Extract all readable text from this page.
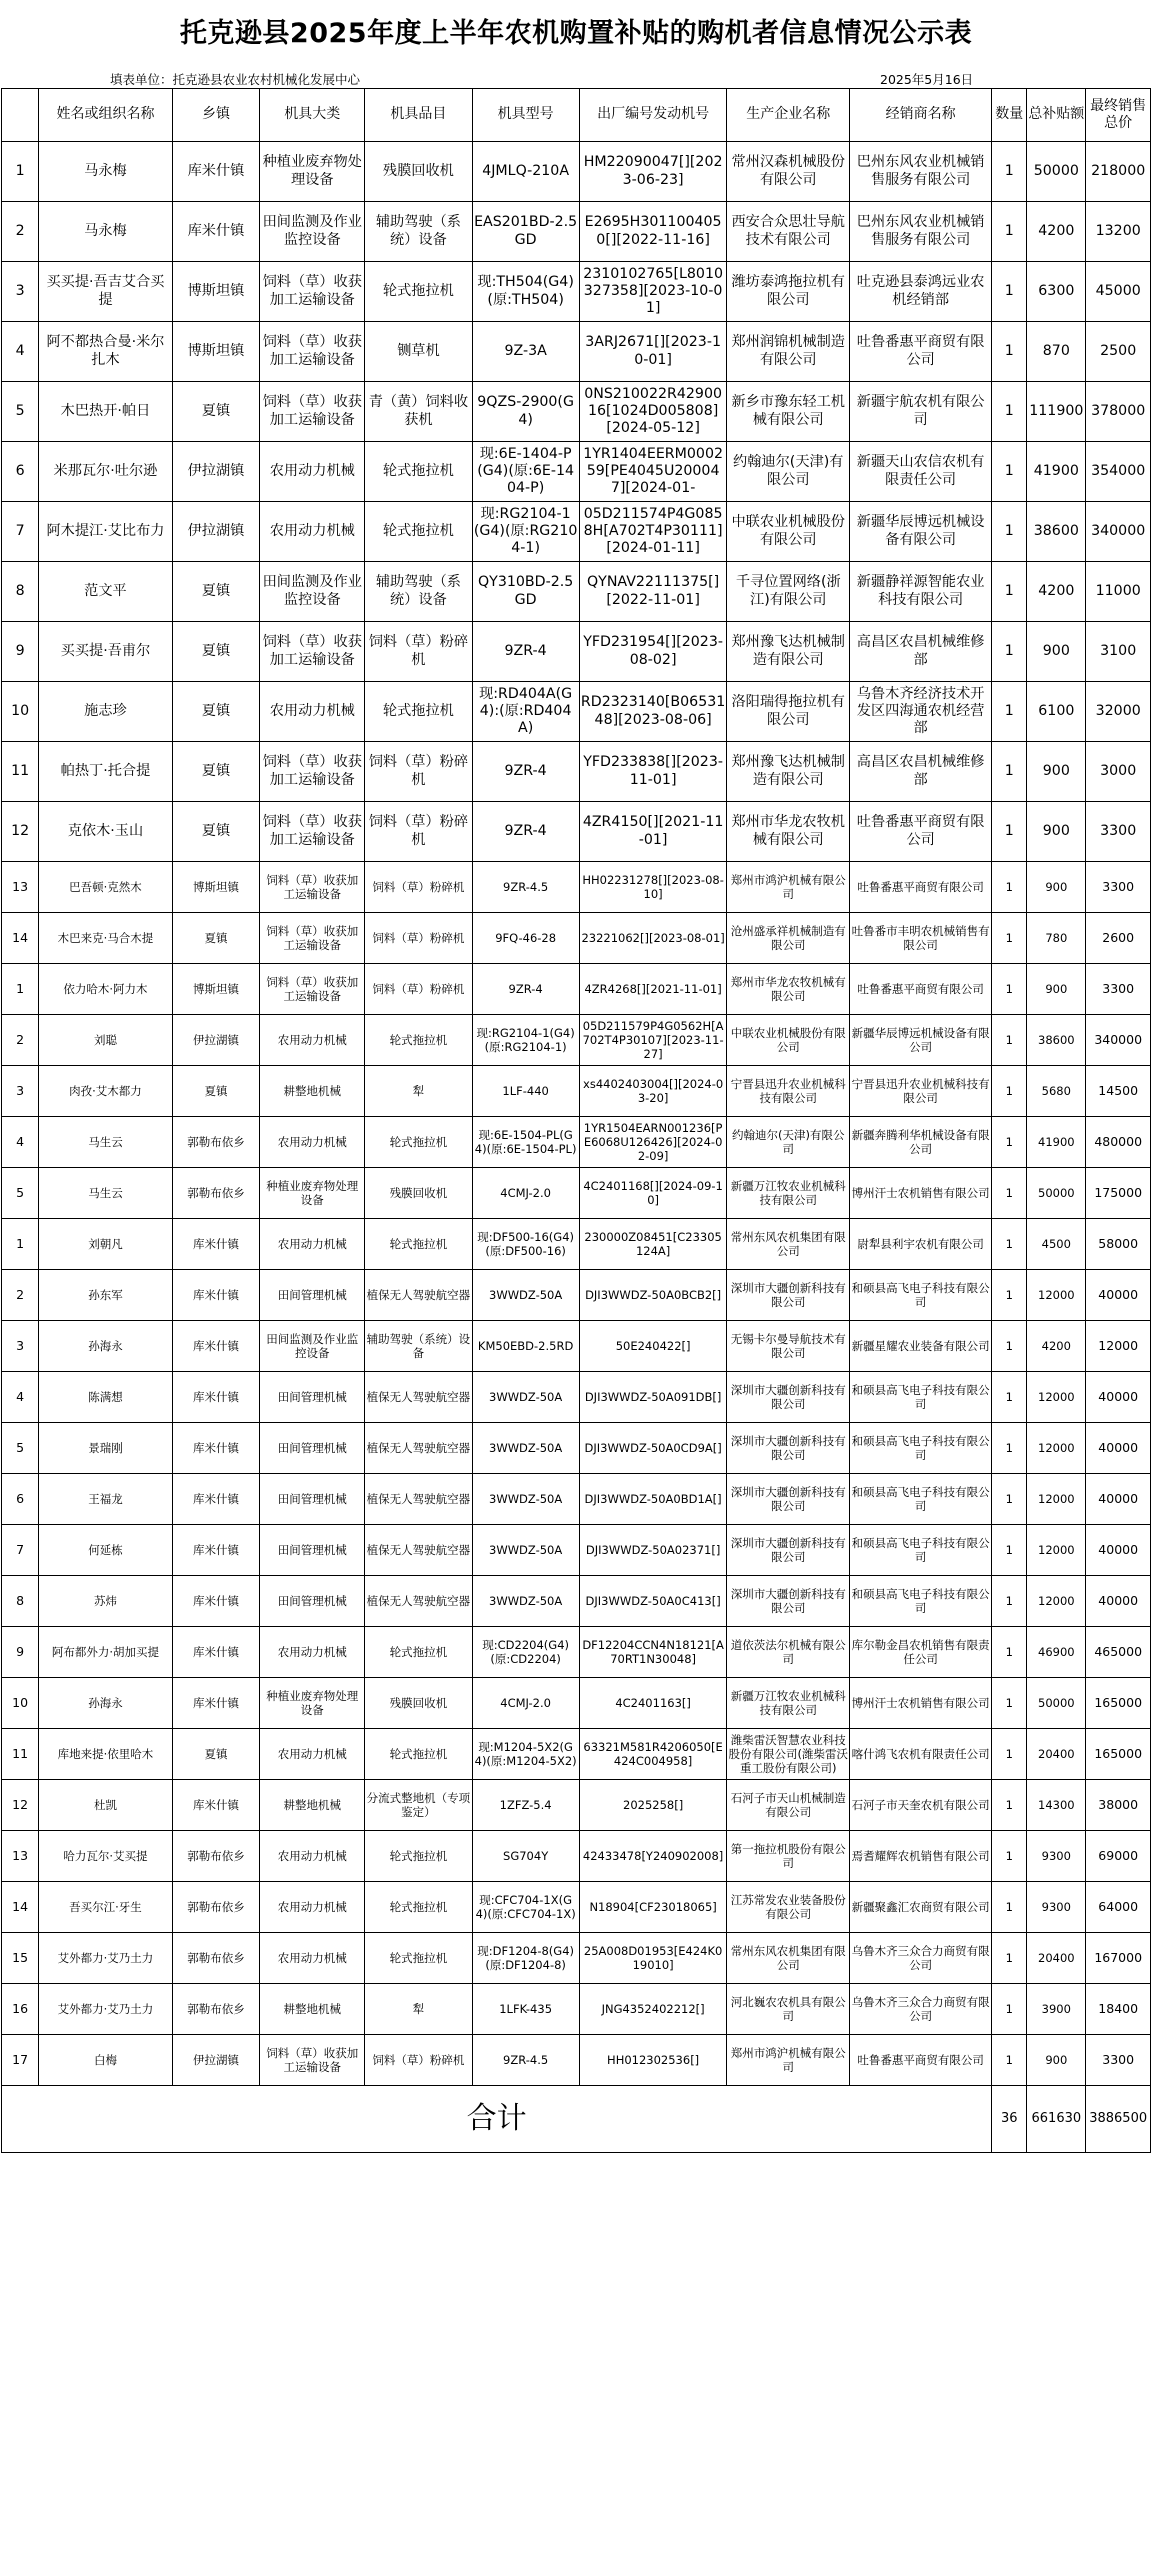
托克逊县2025年度上半年农机购置补贴的购机者信息情况公示表
填表单位：托克逊县农业农村机械化发展中心	2025年5月16日
	姓名或组织名称	乡镇	机具大类	机具品目	机具型号	出厂编号发动机号	生产企业名称	经销商名称	数量	总补贴额	最终销售总价
1	马永梅	库米什镇	种植业废弃物处理设备	残膜回收机	4JMLQ-210A	HM22090047[][2023-06-23]	常州汉森机械股份有限公司	巴州东风农业机械销售服务有限公司	1	50000	218000
2	马永梅	库米什镇	田间监测及作业监控设备	辅助驾驶（系统）设备	EAS201BD-2.5GD	E2695H3011004050[][2022-11-16]	西安合众思壮导航技术有限公司	巴州东风农业机械销售服务有限公司	1	4200	13200
3	买买提·吾吉艾合买提	博斯坦镇	饲料（草）收获加工运输设备	轮式拖拉机	现:TH504(G4)(原:TH504)	2310102765[L8010327358][2023-10-01]	潍坊泰鸿拖拉机有限公司	吐克逊县泰鸿远业农机经销部	1	6300	45000
4	阿不都热合曼·米尔扎木	博斯坦镇	饲料（草）收获加工运输设备	铡草机	9Z-3A	3ARJ2671[][2023-10-01]	郑州润锦机械制造有限公司	吐鲁番惠平商贸有限公司	1	870	2500
5	木巴热开·帕日	夏镇	饲料（草）收获加工运输设备	青（黄）饲料收获机	9QZS-2900(G4)	0NS210022R4290016[1024D005808][2024-05-12]	新乡市豫东轻工机械有限公司	新疆宇航农机有限公司	1	111900	378000
6	米那瓦尔·吐尔逊	伊拉湖镇	农用动力机械	轮式拖拉机	现:6E-1404-P(G4)(原:6E-1404-P)	1YR1404EERM000259[PE4045U200047][2024-01-	约翰迪尔(天津)有限公司	新疆天山农信农机有限责任公司	1	41900	354000
7	阿木提江·艾比布力	伊拉湖镇	农用动力机械	轮式拖拉机	现:RG2104-1(G4)(原:RG2104-1)	05D211574P4G0858H[A702T4P30111][2024-01-11]	中联农业机械股份有限公司	新疆华辰博远机械设备有限公司	1	38600	340000
8	范文平	夏镇	田间监测及作业监控设备	辅助驾驶（系统）设备	QY310BD-2.5GD	QYNAV22111375[][2022-11-01]	千寻位置网络(浙江)有限公司	新疆静祥源智能农业科技有限公司	1	4200	11000
9	买买提·吾甫尔	夏镇	饲料（草）收获加工运输设备	饲料（草）粉碎机	9ZR-4	YFD231954[][2023-08-02]	郑州豫飞达机械制造有限公司	高昌区农昌机械维修部	1	900	3100
10	施志珍	夏镇	农用动力机械	轮式拖拉机	现:RD404A(G4):(原:RD404A)	RD2323140[B0653148][2023-08-06]	洛阳瑞得拖拉机有限公司	乌鲁木齐经济技术开发区四海通农机经营部	1	6100	32000
11	帕热丁·托合提	夏镇	饲料（草）收获加工运输设备	饲料（草）粉碎机	9ZR-4	YFD233838[][2023-11-01]	郑州豫飞达机械制造有限公司	高昌区农昌机械维修部	1	900	3000
12	克依木·玉山	夏镇	饲料（草）收获加工运输设备	饲料（草）粉碎机	9ZR-4	4ZR4150[][2021-11-01]	郑州市华龙农牧机械有限公司	吐鲁番惠平商贸有限公司	1	900	3300
13	巴吾顿·克然木	博斯坦镇	饲料（草）收获加工运输设备	饲料（草）粉碎机	9ZR-4.5	HH02231278[][2023-08-10]	郑州市鸿沪机械有限公司	吐鲁番惠平商贸有限公司	1	900	3300
14	木巴来克·马合木提	夏镇	饲料（草）收获加工运输设备	饲料（草）粉碎机	9FQ-46-28	23221062[][2023-08-01]	沧州盛承祥机械制造有限公司	吐鲁番市丰明农机械销售有限公司	1	780	2600
1	依力哈木·阿力木	博斯坦镇	饲料（草）收获加工运输设备	饲料（草）粉碎机	9ZR-4	4ZR4268[][2021-11-01]	郑州市华龙农牧机械有限公司	吐鲁番惠平商贸有限公司	1	900	3300
2	刘聪	伊拉湖镇	农用动力机械	轮式拖拉机	现:RG2104-1(G4)(原:RG2104-1)	05D211579P4G0562H[A702T4P30107][2023-11-27]	中联农业机械股份有限公司	新疆华辰博远机械设备有限公司	1	38600	340000
3	肉孜·艾木都力	夏镇	耕整地机械	犁	1LF-440	xs4402403004[][2024-03-20]	宁晋县迅升农业机械科技有限公司	宁晋县迅升农业机械科技有限公司	1	5680	14500
4	马生云	郭勒布依乡	农用动力机械	轮式拖拉机	现:6E-1504-PL(G4)(原:6E-1504-PL)	1YR1504EARN001236[PE6068U126426][2024-02-09]	约翰迪尔(天津)有限公司	新疆奔腾利华机械设备有限公司	1	41900	480000
5	马生云	郭勒布依乡	种植业废弃物处理设备	残膜回收机	4CMJ-2.0	4C2401168[][2024-09-10]	新疆万江牧农业机械科技有限公司	博州汗士农机销售有限公司	1	50000	175000
1	刘朝凡	库米什镇	农用动力机械	轮式拖拉机	现:DF500-16(G4)(原:DF500-16)	230000Z08451[C23305124A]	常州东风农机集团有限公司	尉犁县利宇农机有限公司	1	4500	58000
2	孙东军	库米什镇	田间管理机械	植保无人驾驶航空器	3WWDZ-50A	DJI3WWDZ-50A0BCB2[]	深圳市大疆创新科技有限公司	和硕县高飞电子科技有限公司	1	12000	40000
3	孙海永	库米什镇	田间监测及作业监控设备	辅助驾驶（系统）设备	KM50EBD-2.5RD	50E240422[]	无锡卡尔曼导航技术有限公司	新疆星耀农业装备有限公司	1	4200	12000
4	陈满想	库米什镇	田间管理机械	植保无人驾驶航空器	3WWDZ-50A	DJI3WWDZ-50A091DB[]	深圳市大疆创新科技有限公司	和硕县高飞电子科技有限公司	1	12000	40000
5	景瑞刚	库米什镇	田间管理机械	植保无人驾驶航空器	3WWDZ-50A	DJI3WWDZ-50A0CD9A[]	深圳市大疆创新科技有限公司	和硕县高飞电子科技有限公司	1	12000	40000
6	王福龙	库米什镇	田间管理机械	植保无人驾驶航空器	3WWDZ-50A	DJI3WWDZ-50A0BD1A[]	深圳市大疆创新科技有限公司	和硕县高飞电子科技有限公司	1	12000	40000
7	何延栋	库米什镇	田间管理机械	植保无人驾驶航空器	3WWDZ-50A	DJI3WWDZ-50A02371[]	深圳市大疆创新科技有限公司	和硕县高飞电子科技有限公司	1	12000	40000
8	苏炜	库米什镇	田间管理机械	植保无人驾驶航空器	3WWDZ-50A	DJI3WWDZ-50A0C413[]	深圳市大疆创新科技有限公司	和硕县高飞电子科技有限公司	1	12000	40000
9	阿布都外力·胡加买提	库米什镇	农用动力机械	轮式拖拉机	现:CD2204(G4)(原:CD2204)	DF12204CCN4N18121[A70RT1N30048]	道依茨法尔机械有限公司	库尔勒金昌农机销售有限责任公司	1	46900	465000
10	孙海永	库米什镇	种植业废弃物处理设备	残膜回收机	4CMJ-2.0	4C2401163[]	新疆万江牧农业机械科技有限公司	博州汗士农机销售有限公司	1	50000	165000
11	库地来提·依里哈木	夏镇	农用动力机械	轮式拖拉机	现:M1204-5X2(G4)(原:M1204-5X2)	63321M581R4206050[E424C004958]	潍柴雷沃智慧农业科技股份有限公司(潍柴雷沃重工股份有限公司)	喀什鸿飞农机有限责任公司	1	20400	165000
12	杜凯	库米什镇	耕整地机械	分流式整地机（专项鉴定）	1ZFZ-5.4	2025258[]	石河子市天山机械制造有限公司	石河子市天奎农机有限公司	1	14300	38000
13	哈力瓦尔·艾买提	郭勒布依乡	农用动力机械	轮式拖拉机	SG704Y	42433478[Y240902008]	第一拖拉机股份有限公司	焉耆耀辉农机销售有限公司	1	9300	69000
14	吾买尔江·牙生	郭勒布依乡	农用动力机械	轮式拖拉机	现:CFC704-1X(G4)(原:CFC704-1X)	N18904[CF23018065]	江苏常发农业装备股份有限公司	新疆聚鑫汇农商贸有限公司	1	9300	64000
15	艾外都力·艾乃土力	郭勒布依乡	农用动力机械	轮式拖拉机	现:DF1204-8(G4)(原:DF1204-8)	25A008D01953[E424K019010]	常州东风农机集团有限公司	乌鲁木齐三众合力商贸有限公司	1	20400	167000
16	艾外都力·艾乃土力	郭勒布依乡	耕整地机械	犁	1LFK-435	JNG4352402212[]	河北巍农农机具有限公司	乌鲁木齐三众合力商贸有限公司	1	3900	18400
17	白梅	伊拉湖镇	饲料（草）收获加工运输设备	饲料（草）粉碎机	9ZR-4.5	HH012302536[]	郑州市鸿沪机械有限公司	吐鲁番惠平商贸有限公司	1	900	3300
合计									36	661630	3886500
